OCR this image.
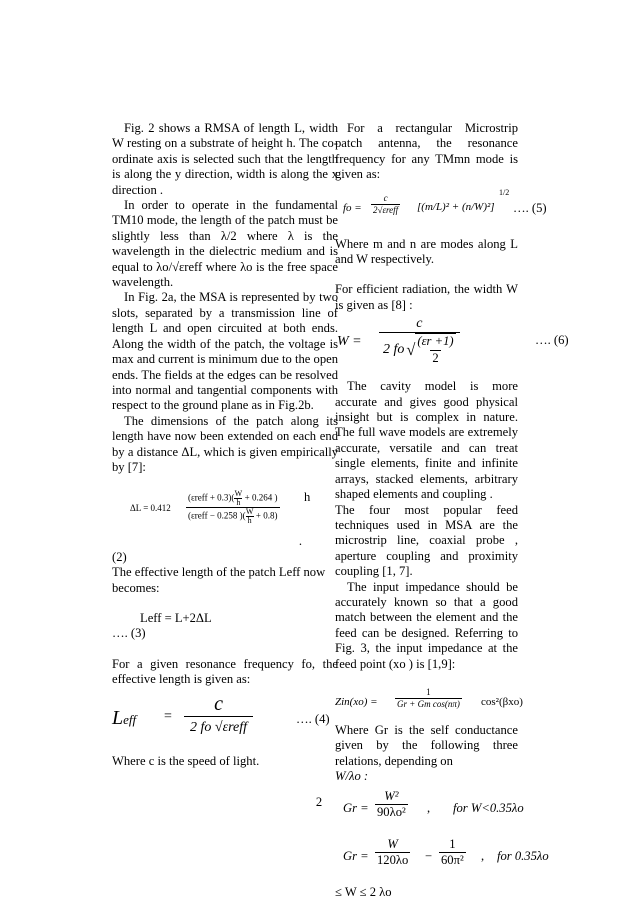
Fig. 2 shows a RMSA of length L, width W resting on a substrate of height h. The co-ordinate axis is selected such that the length is along the y direction, width is along the x direction .

In order to operate in the fundamental TM10 mode, the length of the patch must be slightly less than λ/2 where λ is the wavelength in the dielectric medium and is equal to λo/√εreff where λo is the free space wavelength.

In Fig. 2a, the MSA is represented by two slots, separated by a transmission line of length L and open circuited at both ends. Along the width of the patch, the voltage is max and current is minimum due to the open ends. The fields at the edges can be resolved into normal and tangential components with respect to the ground plane as in Fig.2b.

The dimensions of the patch along its length have now been extended on each end by a distance ΔL, which is given empirically by [7]:

ΔL = 0.412
(εreff + $0.3)( \frac{W}{h} + 0.264$ )
(εreff − 0.258 )( $\frac{W}{h} + 0.8$)
h

.

(2)

The effective length of the patch Leff now becomes:

Leff = L+2ΔL

…. (3)

For a given resonance frequency fo, the effective length is given as:

Leff =
c
2 fo √εreff
…. (4)

Where c is the speed of light.

For a rectangular Microstrip patch antenna, the resonance frequency for any TMmn mode is given as:

fo =
c
2√εreff [(m/L)² + (n/W)²]
1/2
…. (5)

Where m and n are modes along L and W respectively.

For efficient radiation, the width W is given as [8] :

$W = \frac{c}{2 fo √ \frac{(\varepsilon r +1)}{2}}$	…. (6)

The cavity model is more accurate and gives good physical insight but is complex in nature. The full wave models are extremely accurate, versatile and can treat single elements, finite and infinite arrays, stacked elements, arbitrary shaped elements and coupling .

The four most popular feed techniques used in MSA are the microstrip line, coaxial probe , aperture coupling and proximity coupling [1, 7].

The input impedance should be accurately known so that a good match between the element and the feed can be designed. Referring to Fig. 3, the input impedance at the feed point (xo ) is [1,9]:

$Zin(xo) = \frac{1}{\text{Gr + Gm cos(nπ)}} \cos^2(\beta xo)$

Where Gr is the self conductance given by the following three relations, depending on

W/λo :

$Gr = \frac{\text{W²}}{\text{90λo²}}$ , for W<0.35λo
$Gr = \frac{W}{120\lambda o} - \frac{1}{\text{60π²}}$ , for 0.35λo

≤ W ≤ 2 λo

2
